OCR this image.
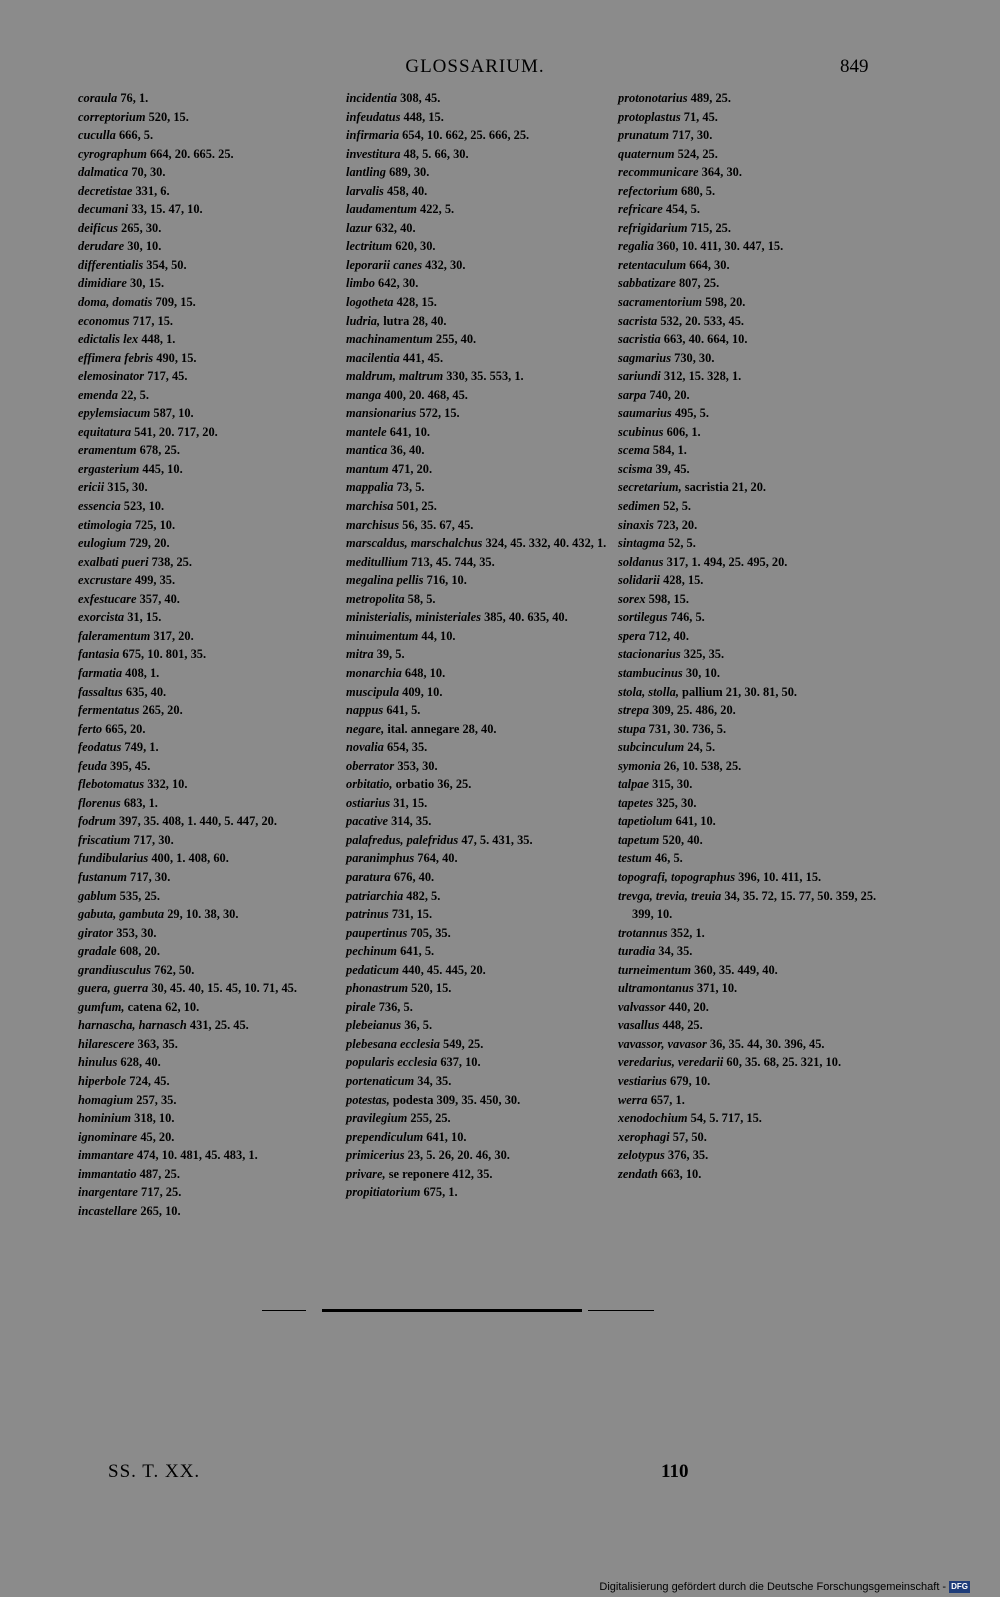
GLOSSARIUM.	849
coraula 76, 1.
correptorium 520, 15.
cuculla 666, 5.
cyrographum 664, 20. 665. 25.
dalmatica 70, 30.
decretistae 331, 6.
decumani 33, 15. 47, 10.
deificus 265, 30.
derudare 30, 10.
differentialis 354, 50.
dimidiare 30, 15.
doma, domatis 709, 15.
economus 717, 15.
edictalis lex 448, 1.
effimera febris 490, 15.
elemosinator 717, 45.
emenda 22, 5.
epylemsiacum 587, 10.
equitatura 541, 20. 717, 20.
eramentum 678, 25.
ergasterium 445, 10.
ericii 315, 30.
essencia 523, 10.
etimologia 725, 10.
eulogium 729, 20.
exalbati pueri 738, 25.
excrustare 499, 35.
exfestucare 357, 40.
exorcista 31, 15.
faleramentum 317, 20.
fantasia 675, 10. 801, 35.
farmatia 408, 1.
fassaltus 635, 40.
fermentatus 265, 20.
ferto 665, 20.
feodatus 749, 1.
feuda 395, 45.
flebotomatus 332, 10.
florenus 683, 1.
fodrum 397, 35. 408, 1. 440, 5. 447, 20.
friscatium 717, 30.
fundibularius 400, 1. 408, 60.
fustanum 717, 30.
gablum 535, 25.
gabuta, gambuta 29, 10. 38, 30.
girator 353, 30.
gradale 608, 20.
grandiusculus 762, 50.
guera, guerra 30, 45. 40, 15. 45, 10. 71, 45.
gumfum, catena 62, 10.
harnascha, harnasch 431, 25. 45.
hilarescere 363, 35.
hinulus 628, 40.
hiperbole 724, 45.
homagium 257, 35.
hominium 318, 10.
ignominare 45, 20.
immantare 474, 10. 481, 45. 483, 1.
immantatio 487, 25.
inargentare 717, 25.
incastellare 265, 10.
incidentia 308, 45.
infeudatus 448, 15.
infirmaria 654, 10. 662, 25. 666, 25.
investitura 48, 5. 66, 30.
lantling 689, 30.
larvalis 458, 40.
laudamentum 422, 5.
lazur 632, 40.
lectritum 620, 30.
leporarii canes 432, 30.
limbo 642, 30.
logotheta 428, 15.
ludria, lutra 28, 40.
machinamentum 255, 40.
macilentia 441, 45.
maldrum, maltrum 330, 35. 553, 1.
manga 400, 20. 468, 45.
mansionarius 572, 15.
mantele 641, 10.
mantica 36, 40.
mantum 471, 20.
mappalia 73, 5.
marchisa 501, 25.
marchisus 56, 35. 67, 45.
marscaldus, marschalchus 324, 45. 332, 40. 432, 1.
meditullium 713, 45. 744, 35.
megalina pellis 716, 10.
metropolita 58, 5.
ministerialis, ministeriales 385, 40. 635, 40.
minuimentum 44, 10.
mitra 39, 5.
monarchia 648, 10.
muscipula 409, 10.
nappus 641, 5.
negare, ital. annegare 28, 40.
novalia 654, 35.
oberrator 353, 30.
orbitatio, orbatio 36, 25.
ostiarius 31, 15.
pacative 314, 35.
palafredus, palefridus 47, 5. 431, 35.
paranimphus 764, 40.
paratura 676, 40.
patriarchia 482, 5.
patrinus 731, 15.
paupertinus 705, 35.
pechinum 641, 5.
pedaticum 440, 45. 445, 20.
phonastrum 520, 15.
pirale 736, 5.
plebeianus 36, 5.
plebesana ecclesia 549, 25.
popularis ecclesia 637, 10.
portenaticum 34, 35.
potestas, podesta 309, 35. 450, 30.
pravilegium 255, 25.
prependiculum 641, 10.
primicerius 23, 5. 26, 20. 46, 30.
privare, se reponere 412, 35.
propitiatorium 675, 1.
protonotarius 489, 25.
protoplastus 71, 45.
prunatum 717, 30.
quaternum 524, 25.
recommunicare 364, 30.
refectorium 680, 5.
refricare 454, 5.
refrigidarium 715, 25.
regalia 360, 10. 411, 30. 447, 15.
retentaculum 664, 30.
sabbatizare 807, 25.
sacramentorium 598, 20.
sacrista 532, 20. 533, 45.
sacristia 663, 40. 664, 10.
sagmarius 730, 30.
sariundi 312, 15. 328, 1.
sarpa 740, 20.
saumarius 495, 5.
scubinus 606, 1.
scema 584, 1.
scisma 39, 45.
secretarium, sacristia 21, 20.
sedimen 52, 5.
sinaxis 723, 20.
sintagma 52, 5.
soldanus 317, 1. 494, 25. 495, 20.
solidarii 428, 15.
sorex 598, 15.
sortilegus 746, 5.
spera 712, 40.
stacionarius 325, 35.
stambucinus 30, 10.
stola, stolla, pallium 21, 30. 81, 50.
strepa 309, 25. 486, 20.
stupa 731, 30. 736, 5.
subcinculum 24, 5.
symonia 26, 10. 538, 25.
talpae 315, 30.
tapetes 325, 30.
tapetiolum 641, 10.
tapetum 520, 40.
testum 46, 5.
topografi, topographus 396, 10. 411, 15.
trevga, trevia, treuia 34, 35. 72, 15. 77, 50. 359, 25. 399, 10.
trotannus 352, 1.
turadia 34, 35.
turneimentum 360, 35. 449, 40.
ultramontanus 371, 10.
valvassor 440, 20.
vasallus 448, 25.
vavassor, vavasor 36, 35. 44, 30. 396, 45.
veredarius, veredarii 60, 35. 68, 25. 321, 10.
vestiarius 679, 10.
werra 657, 1.
xenodochium 54, 5. 717, 15.
xerophagi 57, 50.
zelotypus 376, 35.
zendath 663, 10.
SS. T. XX.	110
Digitalisierung gefördert durch die Deutsche Forschungsgemeinschaft - DFG
